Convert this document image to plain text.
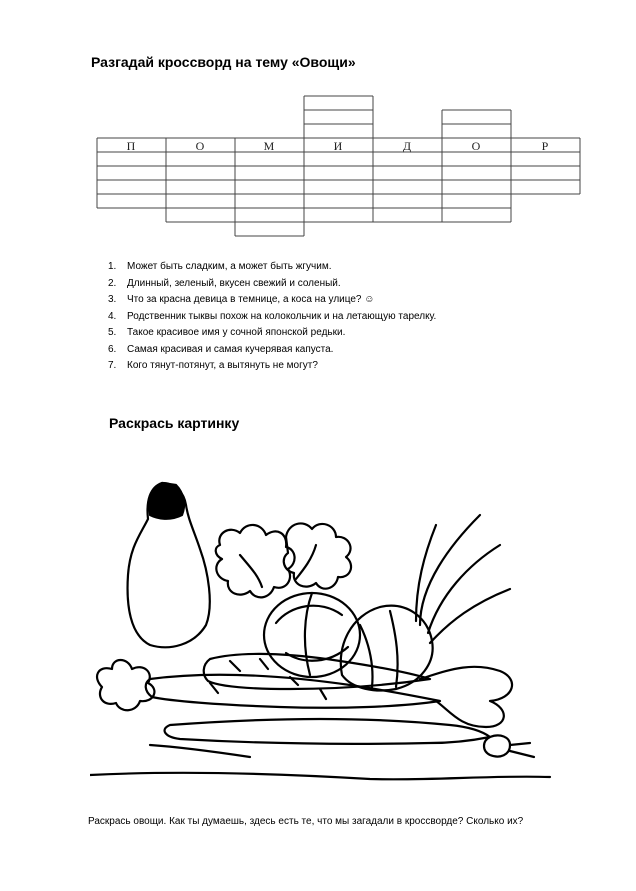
Разгадай кроссворд на тему «Овощи»
П	О	М	И	Д	О	Р
1. Может быть сладким, а может быть жгучим.
2. Длинный, зеленый, вкусен свежий и соленый.
3. Что за красна девица в темнице, а коса на улице? ☺
4. Родственник тыквы похож на колокольчик и на летающую тарелку.
5. Такое красивое имя у сочной японской редьки.
6. Самая красивая и самая кучерявая капуста.
7. Кого тянут-потянут, а вытянуть не могут?
Раскрась картинку
Раскрась овощи. Как ты думаешь, здесь есть те, что мы загадали в кроссворде? Сколько их?
